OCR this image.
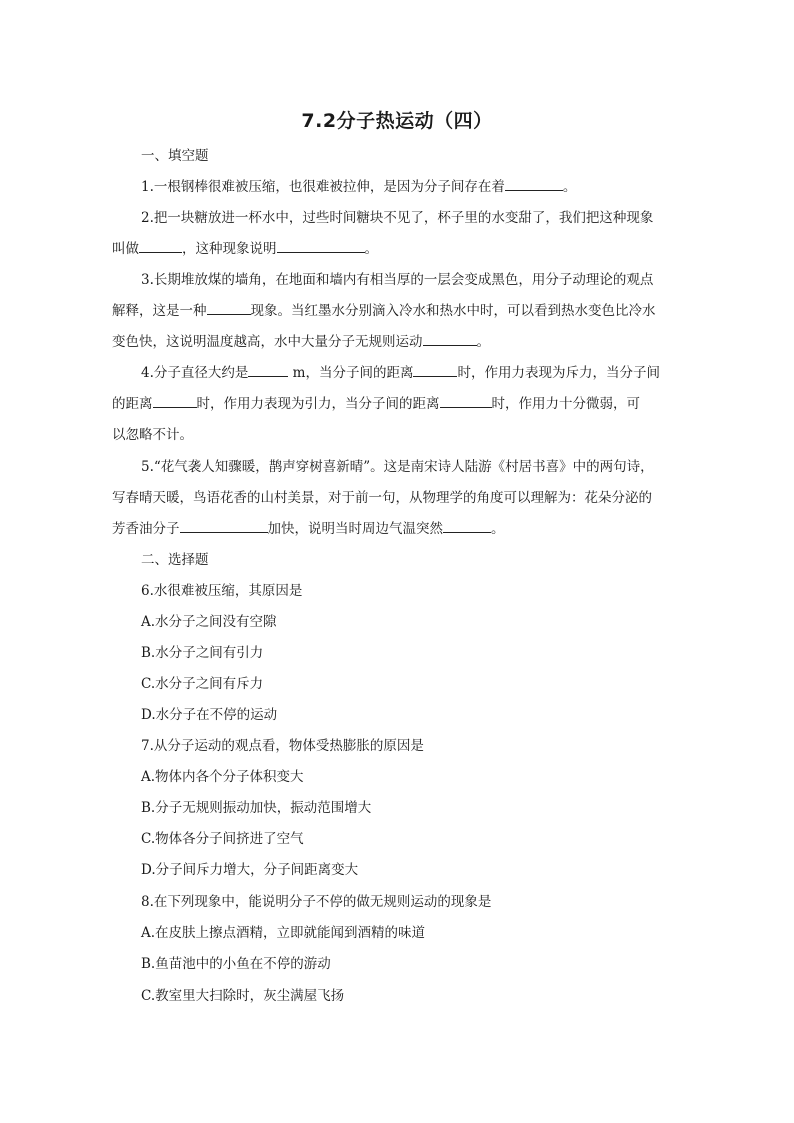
7.2分子热运动（四）
一、填空题
1.一根钢棒很难被压缩，也很难被拉伸，是因为分子间存在着	。
2.把一块糖放进一杯水中，过些时间糖块不见了，杯子里的水变甜了，我们把这种现象
叫做	，这种现象说明	。
3.长期堆放煤的墙角，在地面和墙内有相当厚的一层会变成黑色，用分子动理论的观点
解释，这是一种	现象。当红墨水分别滴入冷水和热水中时，可以看到热水变色比冷水
变色快，这说明温度越高，水中大量分子无规则运动	。
4.分子直径大约是	m，当分子间的距离	时，作用力表现为斥力，当分子间
的距离	时，作用力表现为引力，当分子间的距离	时，作用力十分微弱，可
以忽略不计。
5.“花气袭人知骤暖，鹊声穿树喜新晴”。这是南宋诗人陆游《村居书喜》中的两句诗，
写春晴天暖，鸟语花香的山村美景，对于前一句，从物理学的角度可以理解为：花朵分泌的
芳香油分子	加快，说明当时周边气温突然	。
二、选择题
6.水很难被压缩，其原因是
A.水分子之间没有空隙
B.水分子之间有引力
C.水分子之间有斥力
D.水分子在不停的运动
7.从分子运动的观点看，物体受热膨胀的原因是
A.物体内各个分子体积变大
B.分子无规则振动加快，振动范围增大
C.物体各分子间挤进了空气
D.分子间斥力增大，分子间距离变大
8.在下列现象中，能说明分子不停的做无规则运动的现象是
A.在皮肤上擦点酒精，立即就能闻到酒精的味道
B.鱼苗池中的小鱼在不停的游动
C.教室里大扫除时，灰尘满屋飞扬
